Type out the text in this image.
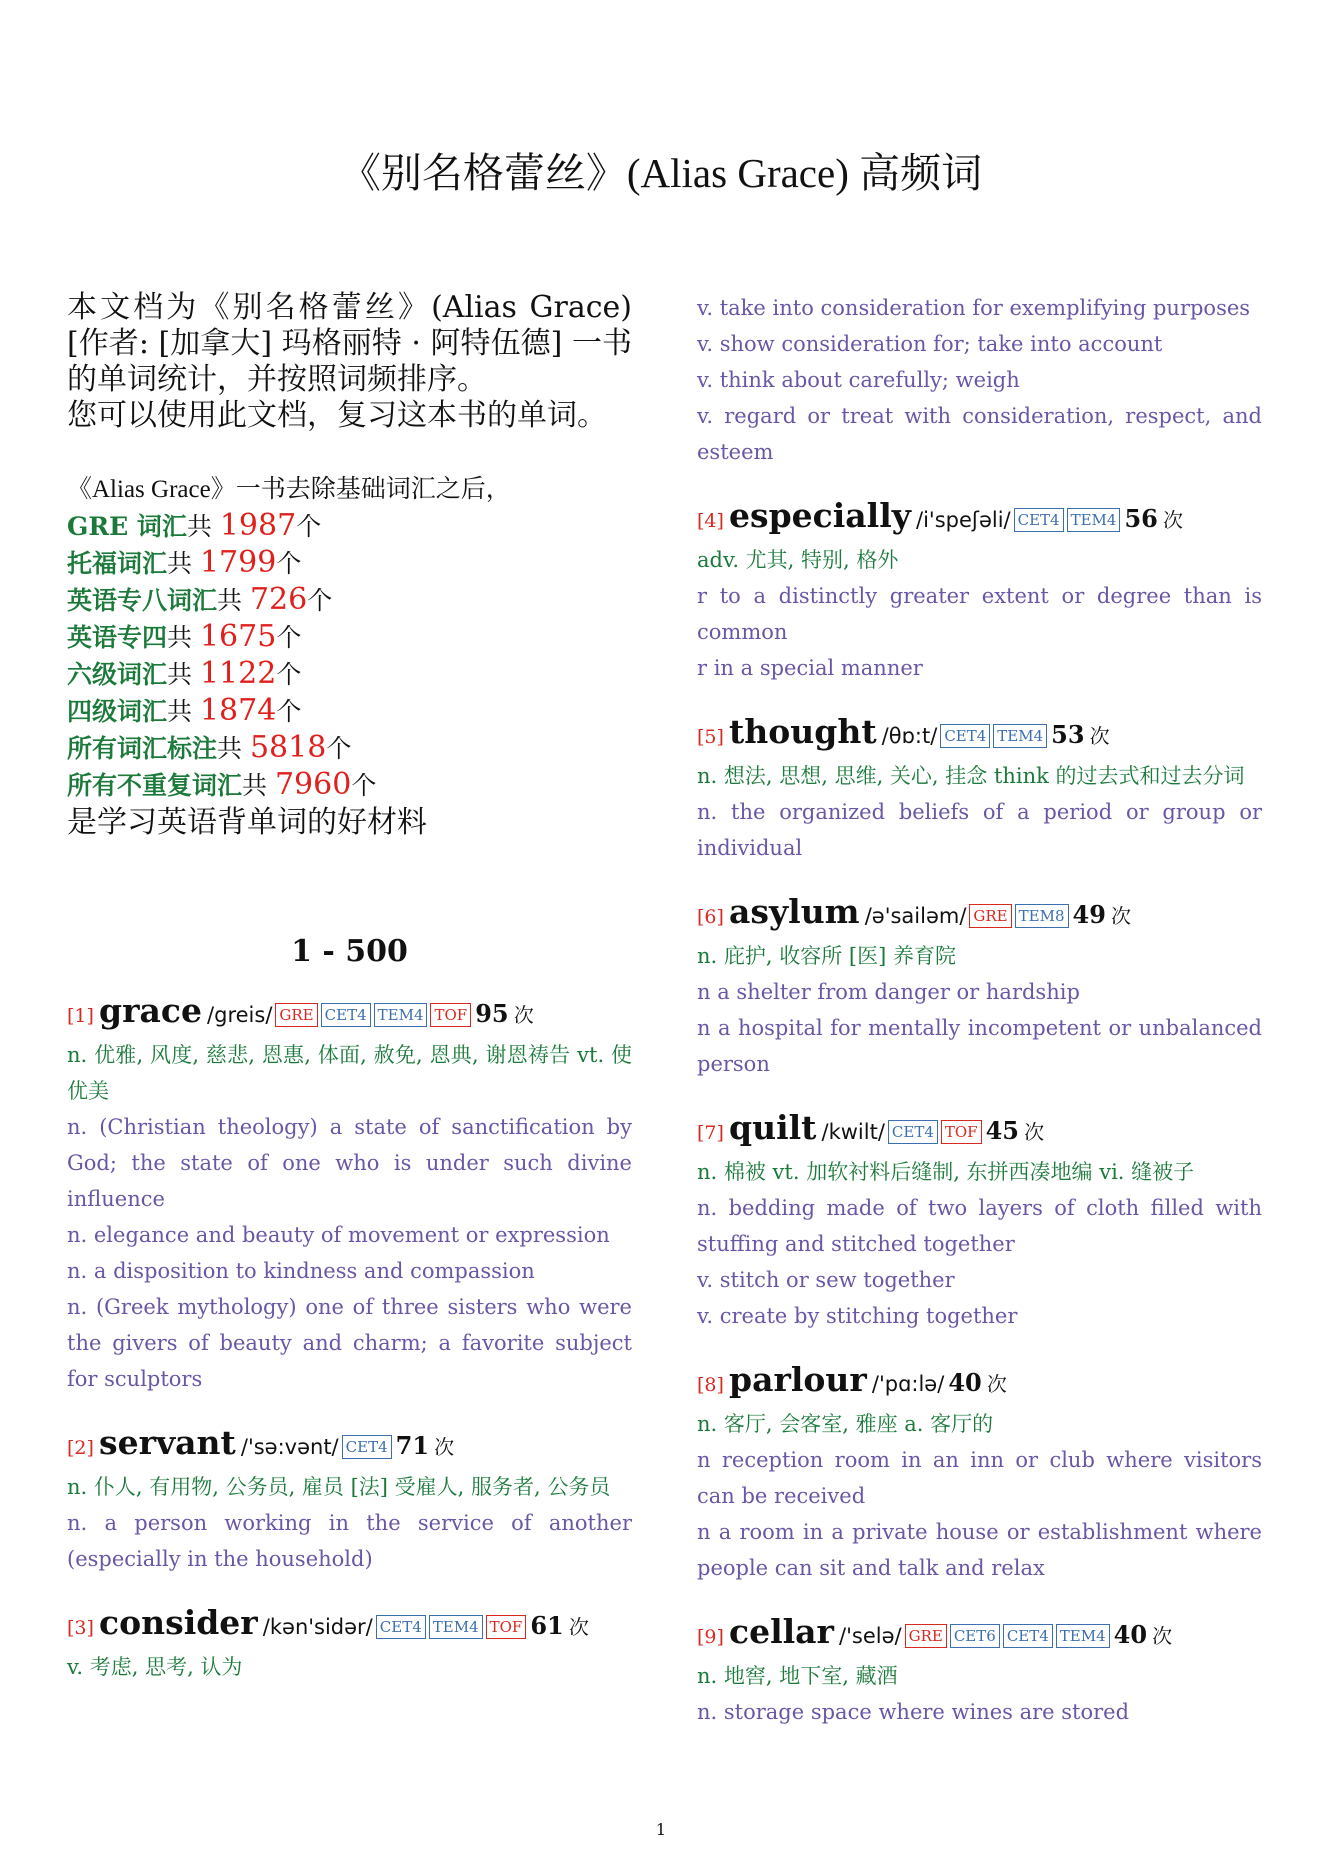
《别名格蕾丝》(Alias Grace) 高频词

本文档为《别名格蕾丝》(Alias Grace)[作者: [加拿大] 玛格丽特 · 阿特伍德] 一书的单词统计，并按照词频排序。

您可以使用此文档，复习这本书的单词。

《Alias Grace》一书去除基础词汇之后，
GRE 词汇共 1987个
托福词汇共 1799个
英语专八词汇共 726个
英语专四共 1675个
六级词汇共 1122个
四级词汇共 1874个
所有词汇标注共 5818个
所有不重复词汇共 7960个
是学习英语背单词的好材料
1 - 500
[1] grace /greis/ GRE CET4 TEM4 TOF 95 次
n. 优雅, 风度, 慈悲, 恩惠, 体面, 赦免, 恩典, 谢恩祷告 vt. 使优美
n. (Christian theology) a state of sanctification by God; the state of one who is under such divine influence
n. elegance and beauty of movement or expression
n. a disposition to kindness and compassion
n. (Greek mythology) one of three sisters who were the givers of beauty and charm; a favorite subject for sculptors
[2] servant /'sə:vənt/ CET4 71 次
n. 仆人, 有用物, 公务员, 雇员 [法] 受雇人, 服务者, 公务员
n. a person working in the service of another (especially in the household)
[3] consider /kən'sidər/ CET4 TEM4 TOF 61 次
v. 考虑, 思考, 认为
v. take into consideration for exemplifying purposes
v. show consideration for; take into account
v. think about carefully; weigh
v. regard or treat with consideration, respect, and esteem
[4] especially /i'speʃəli/ CET4 TEM4 56 次
adv. 尤其, 特别, 格外
r to a distinctly greater extent or degree than is common
r in a special manner
[5] thought /θɒ:t/ CET4 TEM4 53 次
n. 想法, 思想, 思维, 关心, 挂念 think 的过去式和过去分词
n. the organized beliefs of a period or group or individual
[6] asylum /ə'sailəm/ GRE TEM8 49 次
n. 庇护, 收容所 [医] 养育院
n a shelter from danger or hardship
n a hospital for mentally incompetent or unbalanced person
[7] quilt /kwilt/ CET4 TOF 45 次
n. 棉被 vt. 加软衬料后缝制, 东拼西凑地编 vi. 缝被子
n. bedding made of two layers of cloth filled with stuffing and stitched together
v. stitch or sew together
v. create by stitching together
[8] parlour /'pɑ:lə/ 40 次
n. 客厅, 会客室, 雅座 a. 客厅的
n reception room in an inn or club where visitors can be received
n a room in a private house or establishment where people can sit and talk and relax
[9] cellar /'selə/ GRE CET6 CET4 TEM4 40 次
n. 地窖, 地下室, 藏酒
n. storage space where wines are stored
1
